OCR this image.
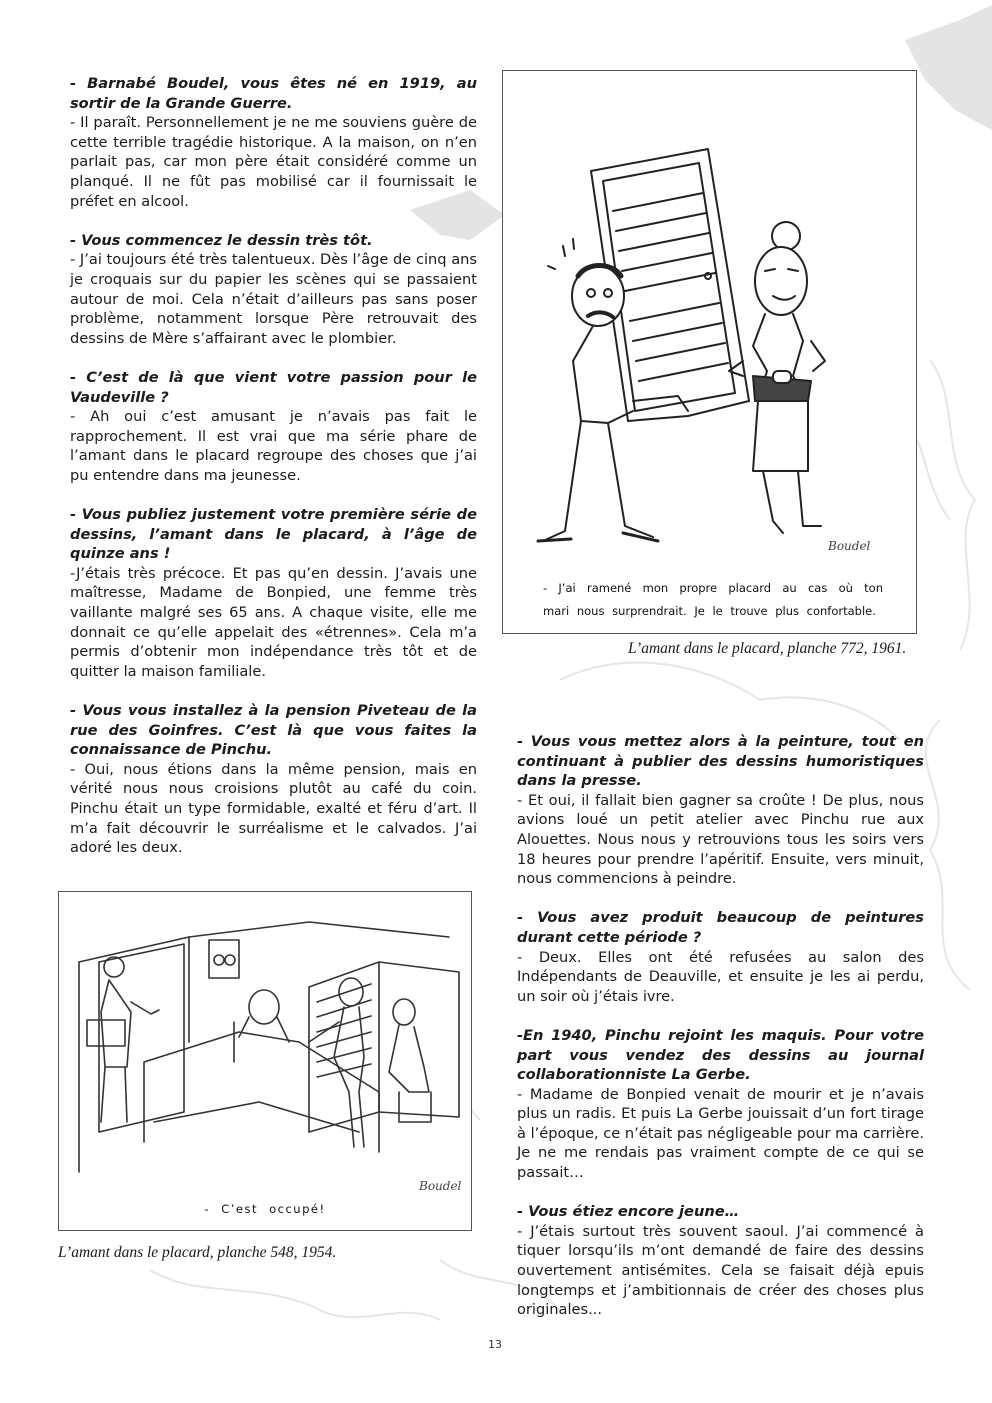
- Barnabé Boudel, vous êtes né en 1919, au sortir de la Grande Guerre.

- Il paraît. Personnellement je ne me souviens guère de cette terrible tragédie historique. A la maison, on n’en parlait pas, car mon père était considéré comme un planqué. Il ne fût pas mobilisé car il fournissait le préfet en alcool.

- Vous commencez le dessin très tôt.

- J’ai toujours été très talentueux. Dès l’âge de cinq ans je croquais sur du papier les scènes qui se passaient autour de moi. Cela n’était d’ailleurs pas sans poser problème, notamment lorsque Père retrouvait des dessins de Mère s’affairant avec le plombier.

- C’est de là que vient votre passion pour le Vaudeville ?

- Ah oui c’est amusant je n’avais pas fait le rapprochement. Il est vrai que ma série phare de l’amant dans le placard regroupe des choses que j’ai pu entendre dans ma jeunesse.

- Vous publiez justement votre première série de dessins, l’amant dans le placard, à l’âge de quinze ans !

-J’étais très précoce. Et pas qu’en dessin. J’avais une maîtresse, Madame de Bonpied, une femme très vaillante malgré ses 65 ans. A chaque visite, elle me donnait ce qu’elle appelait des «étrennes». Cela m’a permis d’obtenir mon indépendance très tôt et de quitter la maison familiale.

- Vous vous installez à la pension Piveteau de la rue des Goinfres. C’est là que vous faites la connaissance de Pinchu.

- Oui, nous étions dans la même pension, mais en vérité nous nous croisions plutôt au café du coin. Pinchu était un type formidable, exalté et féru d’art. Il m’a fait découvrir le surréalisme et le calvados. J’ai adoré les deux.

- J’ai ramené mon propre placard au cas où ton mari nous surprendrait. Je le trouve plus confortable.

Boudel

L’amant dans le placard, planche 772, 1961.

- Vous vous mettez alors à la peinture, tout en continuant à publier des dessins humoristiques dans la presse.

- Et oui, il fallait bien gagner sa croûte ! De plus, nous avions loué un petit atelier avec Pinchu rue aux Alouettes. Nous nous y retrouvions tous les soirs vers 18 heures pour prendre l’apéritif. Ensuite, vers minuit, nous commencions à peindre.

- Vous avez produit beaucoup de peintures durant cette période ?

- Deux. Elles ont été refusées au salon des Indépendants de Deauville, et ensuite je les ai perdu, un soir où j’étais ivre.

-En 1940, Pinchu rejoint les maquis. Pour votre part vous vendez des dessins au journal collaborationniste La Gerbe.

- Madame de Bonpied venait de mourir et je n’avais plus un radis. Et puis La Gerbe jouissait d’un fort tirage à l’époque, ce n’était pas négligeable pour ma carrière. Je ne me rendais pas vraiment compte de ce qui se passait…

- Vous étiez encore jeune…

- J’étais surtout très souvent saoul. J’ai commencé à tiquer lorsqu’ils m’ont demandé de faire des dessins ouvertement antisémites. Cela se faisait déjà epuis longtemps et j’ambitionnais de créer des choses plus originales...

- C’est occupé!

Boudel

L’amant dans le placard, planche 548, 1954.

13
